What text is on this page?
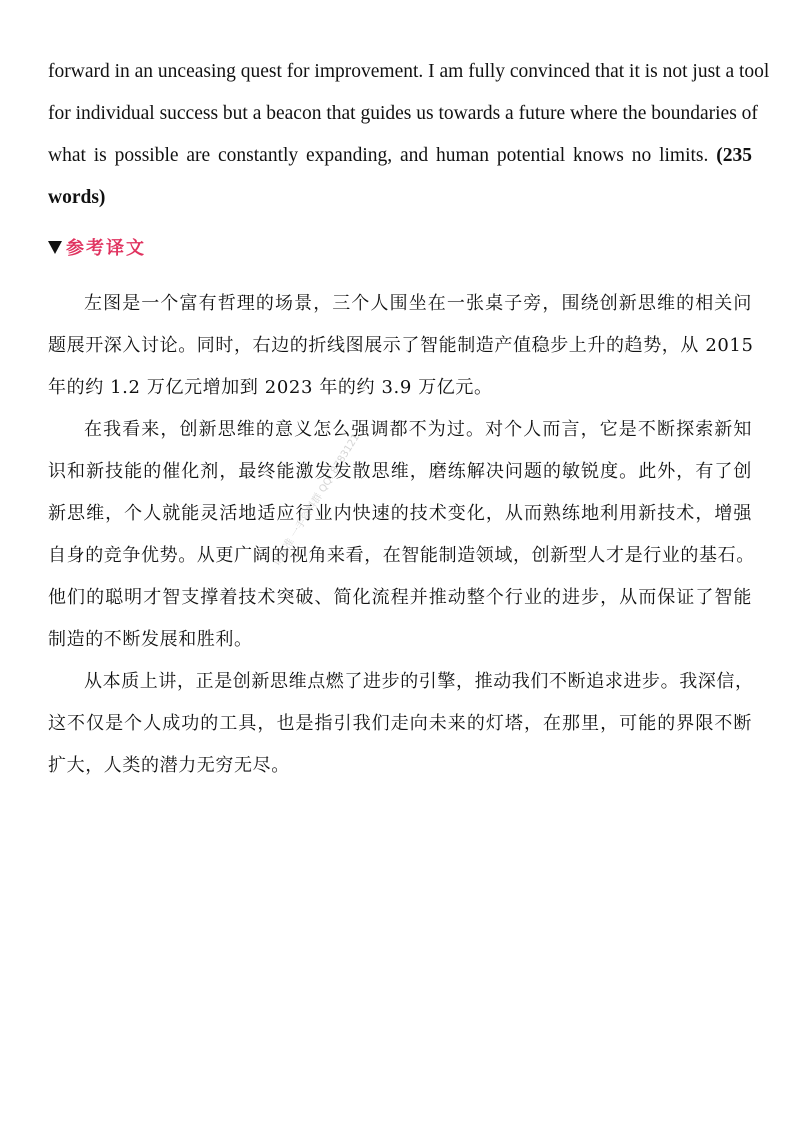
forward in an unceasing quest for improvement. I am fully convinced that it is not just a tool
for individual success but a beacon that guides us towards a future where the boundaries of
what is possible are constantly expanding, and human potential knows no limits. (235
words)
参考译文
左图是一个富有哲理的场景，三个人围坐在一张桌子旁，围绕创新思维的相关问
题展开深入讨论。同时，右边的折线图展示了智能制造产值稳步上升的趋势，从 2015
年的约 1.2 万亿元增加到 2023 年的约 3.9 万亿元。
在我看来，创新思维的意义怎么强调都不为过。对个人而言，它是不断探索新知
识和新技能的催化剂，最终能激发发散思维，磨练解决问题的敏锐度。此外，有了创
新思维，个人就能灵活地适应行业内快速的技术变化，从而熟练地利用新技术，增强
自身的竞争优势。从更广阔的视角来看，在智能制造领域，创新型人才是行业的基石。
他们的聪明才智支撑着技术突破、简化流程并推动整个行业的进步，从而保证了智能
制造的不断发展和胜利。
从本质上讲，正是创新思维点燃了进步的引擎，推动我们不断追求进步。我深信，
这不仅是个人成功的工具，也是指引我们走向未来的灯塔，在那里，可能的界限不断
扩大，人类的潜力无穷无尽。
请认准 一手资料群 QQ: 8783121
